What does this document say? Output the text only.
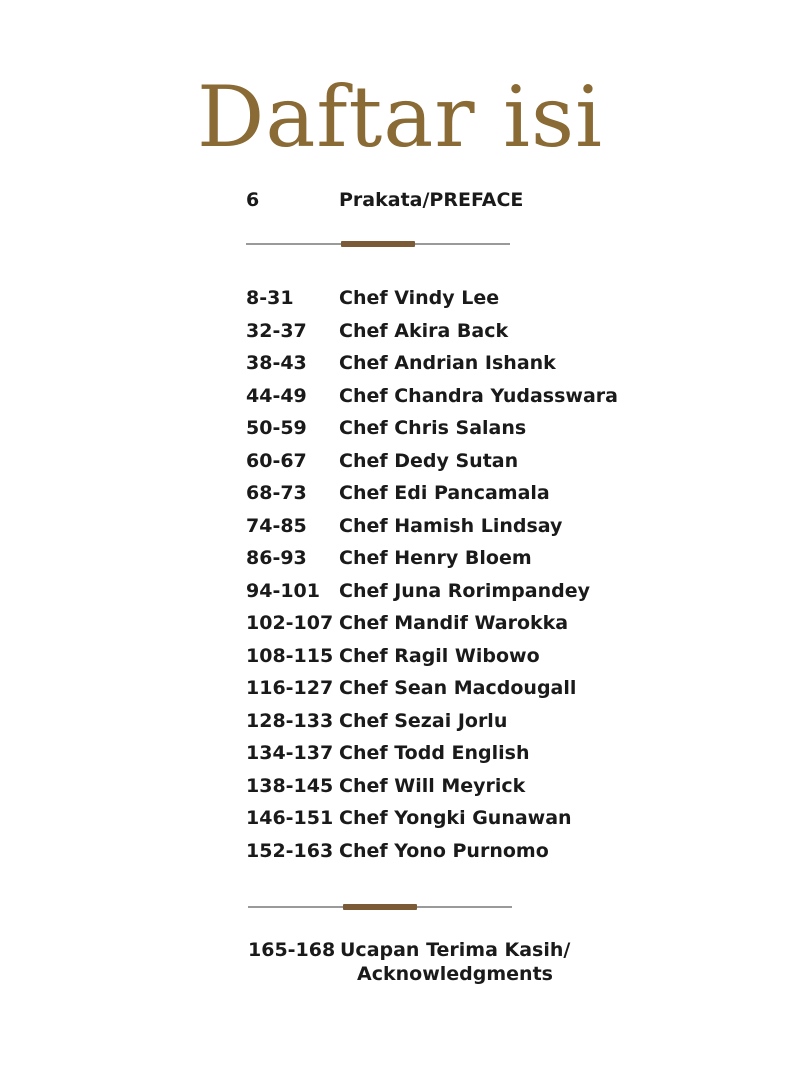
Daftar isi
6	Prakata/PREFACE
8-31 Chef Vindy Lee
32-37 Chef Akira Back
38-43 Chef Andrian Ishank
44-49 Chef Chandra Yudasswara
50-59 Chef Chris Salans
60-67 Chef Dedy Sutan
68-73 Chef Edi Pancamala
74-85 Chef Hamish Lindsay
86-93 Chef Henry Bloem
94-101 Chef Juna Rorimpandey
102-107 Chef Mandif Warokka
108-115 Chef Ragil Wibowo
116-127 Chef Sean Macdougall
128-133 Chef Sezai Jorlu
134-137 Chef Todd English
138-145 Chef Will Meyrick
146-151 Chef Yongki Gunawan
152-163 Chef Yono Purnomo
165-168 Ucapan Terima Kasih/
Acknowledgments
